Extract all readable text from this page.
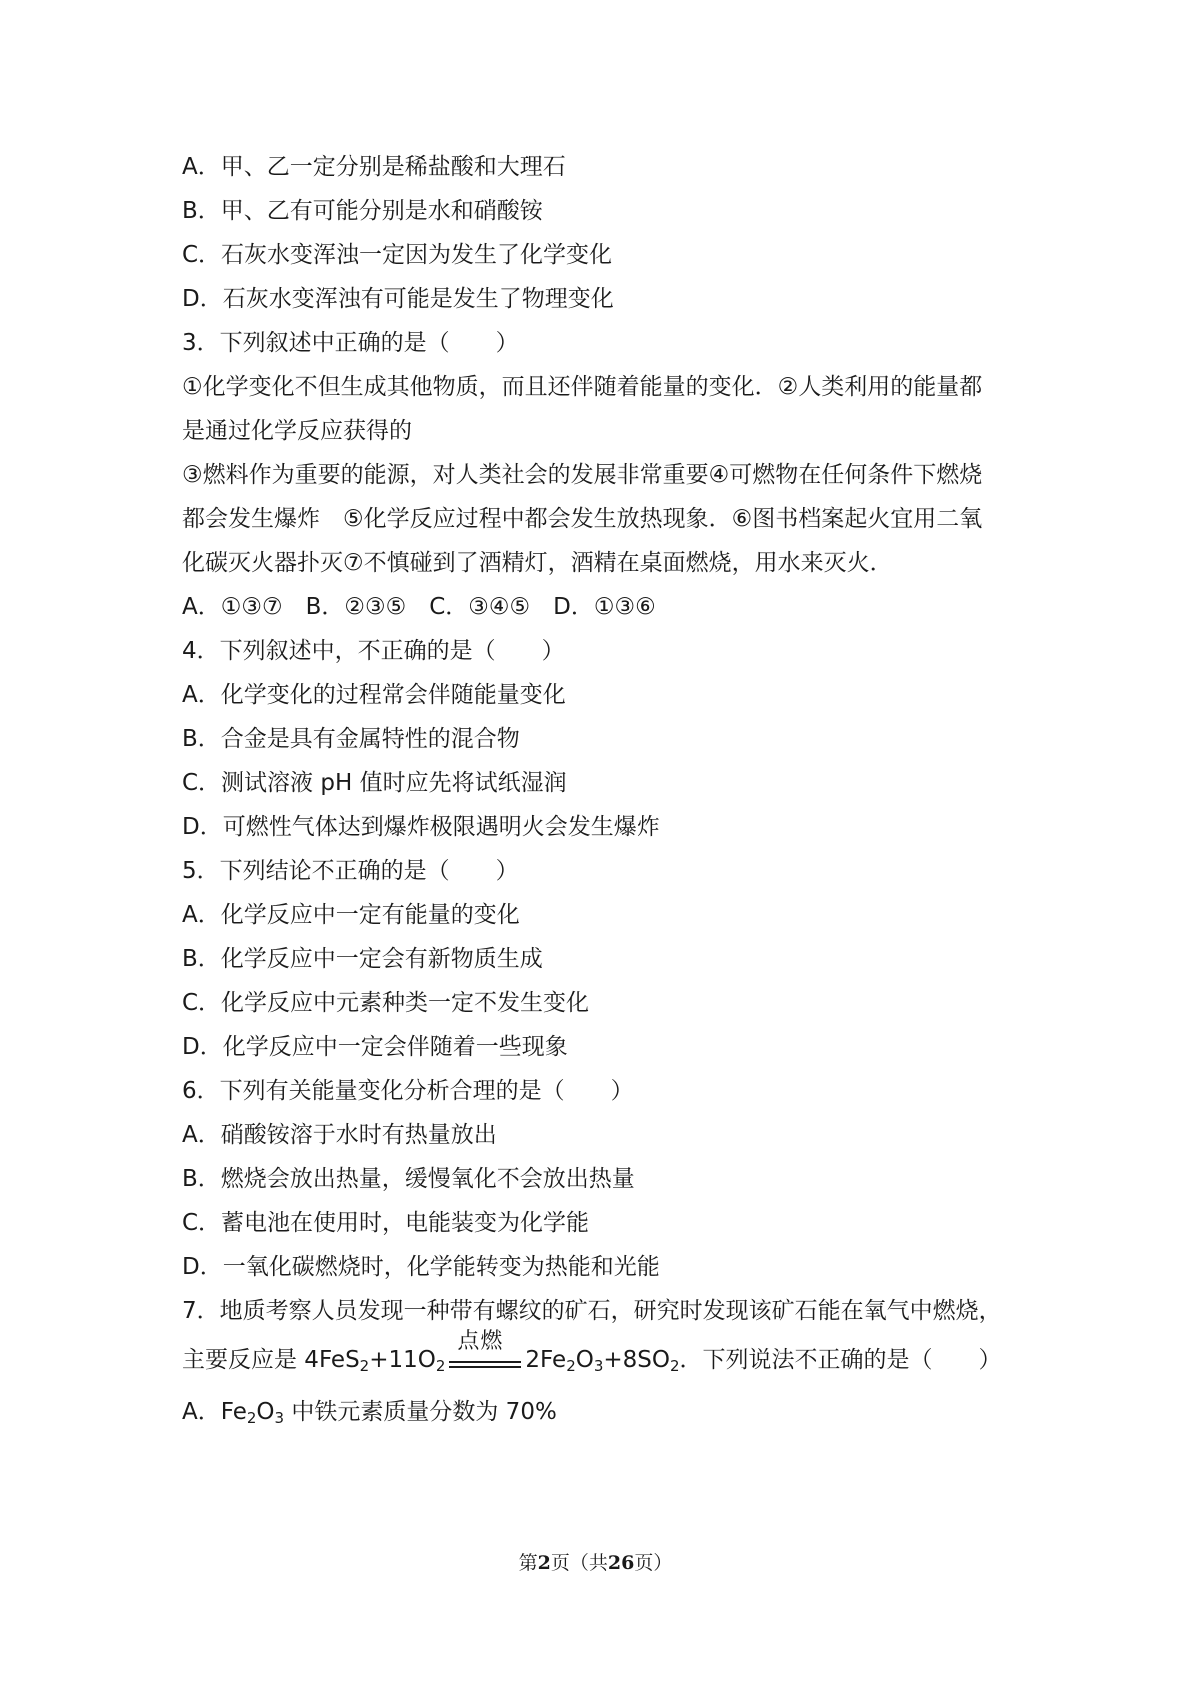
A．甲、乙一定分别是稀盐酸和大理石
B．甲、乙有可能分别是水和硝酸铵
C．石灰水变浑浊一定因为发生了化学变化
D．石灰水变浑浊有可能是发生了物理变化
3．下列叙述中正确的是（　　）
①化学变化不但生成其他物质，而且还伴随着能量的变化．②人类利用的能量都
是通过化学反应获得的
③燃料作为重要的能源，对人类社会的发展非常重要④可燃物在任何条件下燃烧
都会发生爆炸　⑤化学反应过程中都会发生放热现象．⑥图书档案起火宜用二氧
化碳灭火器扑灭⑦不慎碰到了酒精灯，酒精在桌面燃烧，用水来灭火．
A．①③⑦　B．②③⑤　C．③④⑤　D．①③⑥
4．下列叙述中，不正确的是（　　）
A．化学变化的过程常会伴随能量变化
B．合金是具有金属特性的混合物
C．测试溶液 pH 值时应先将试纸湿润
D．可燃性气体达到爆炸极限遇明火会发生爆炸
5．下列结论不正确的是（　　）
A．化学反应中一定有能量的变化
B．化学反应中一定会有新物质生成
C．化学反应中元素种类一定不发生变化
D．化学反应中一定会伴随着一些现象
6．下列有关能量变化分析合理的是（　　）
A．硝酸铵溶于水时有热量放出
B．燃烧会放出热量，缓慢氧化不会放出热量
C．蓄电池在使用时，电能装变为化学能
D．一氧化碳燃烧时，化学能转变为热能和光能
7．地质考察人员发现一种带有螺纹的矿石，研究时发现该矿石能在氧气中燃烧，
主要反应是 $4FeS_2+11O_2$
点燃
$2Fe_2O_3+8SO_2$．下列说法不正确的是（　　）
A．$Fe_2O_3$ 中铁元素质量分数为 70%
第2页（共26页）
